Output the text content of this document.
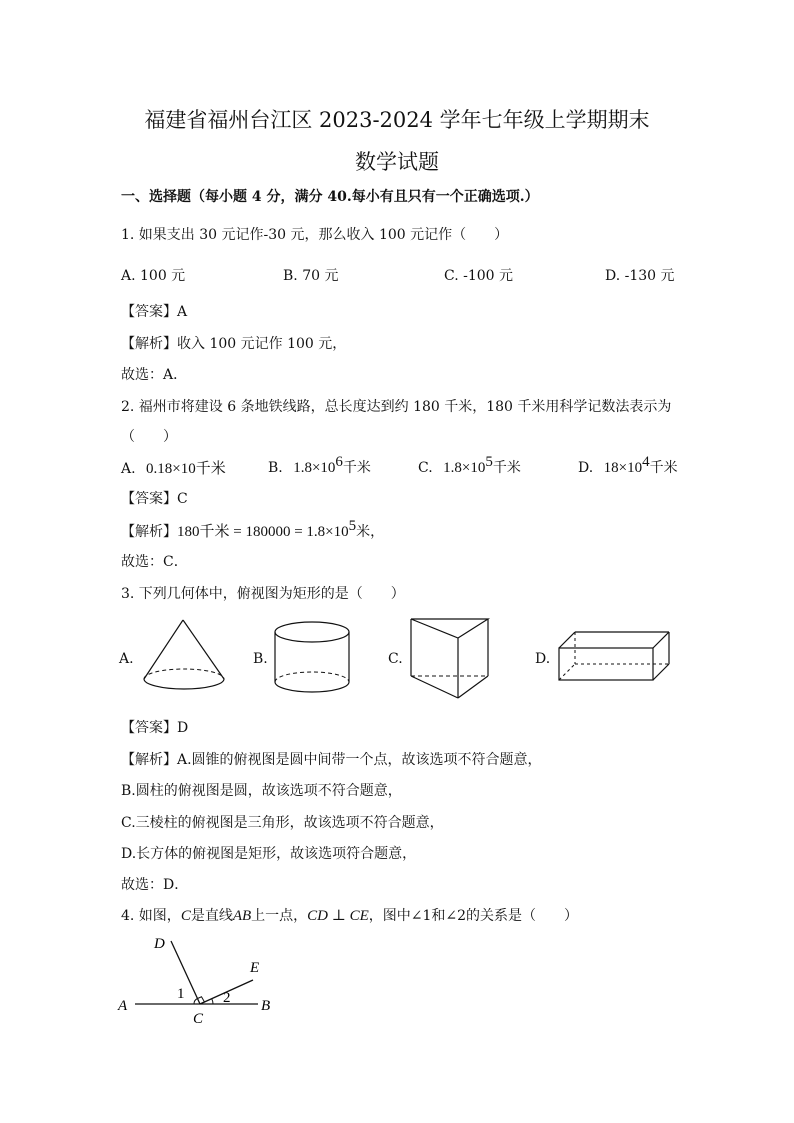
福建省福州台江区 2023-2024 学年七年级上学期期末
数学试题
一、选择题（每小题 4 分，满分 40.每小有且只有一个正确选项.）
1. 如果支出 30 元记作-30 元，那么收入 100 元记作（　　）
A. 100 元	B. 70 元	C. -100 元	D. -130 元
【答案】A
【解析】收入 100 元记作 100 元，
故选：A．
2. 福州市将建设 6 条地铁线路，总长度达到约 180 千米，180 千米用科学记数法表示为
（　　）
A. 0.18×10千米	B. $1.8\times 10^6$千米	C. $1.8\times 10^5$千米	D. $18\times 10^4$千米
【答案】C
【解析】180千米 = $180000 = 1.8\times 10^5$米，
故选：C．
3. 下列几何体中，俯视图为矩形的是（　　）
A.	B.	C.	D.
【答案】D
【解析】A.圆锥的俯视图是圆中间带一个点，故该选项不符合题意，
B.圆柱的俯视图是圆，故该选项不符合题意，
C.三棱柱的俯视图是三角形，故该选项不符合题意，
D.长方体的俯视图是矩形，故该选项符合题意，
故选：D．
4. 如图，C是直线AB上一点，CD ⊥ CE，图中∠1和∠2的关系是（　　）
A	B
C
D
E
1	2
